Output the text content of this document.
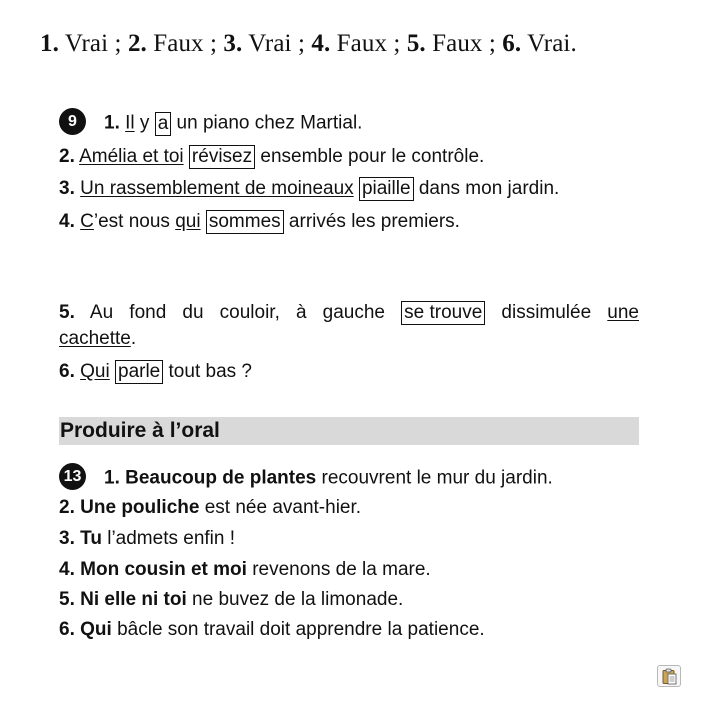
1. Vrai ; 2. Faux ; 3. Vrai ; 4. Faux ; 5. Faux ; 6. Vrai.
9 1. Il y a un piano chez Martial.
2. Amélia et toi révisez ensemble pour le contrôle.
3. Un rassemblement de moineaux piaille dans mon jardin.
4. C’est nous qui sommes arrivés les premiers.
5. Au fond du couloir, à gauche se trouve dissimulée une
cachette.
6. Qui parle tout bas ?
Produire à l’oral
13 1. Beaucoup de plantes recouvrent le mur du jardin.
2. Une pouliche est née avant-hier.
3. Tu l’admets enfin !
4. Mon cousin et moi revenons de la mare.
5. Ni elle ni toi ne buvez de la limonade.
6. Qui bâcle son travail doit apprendre la patience.
